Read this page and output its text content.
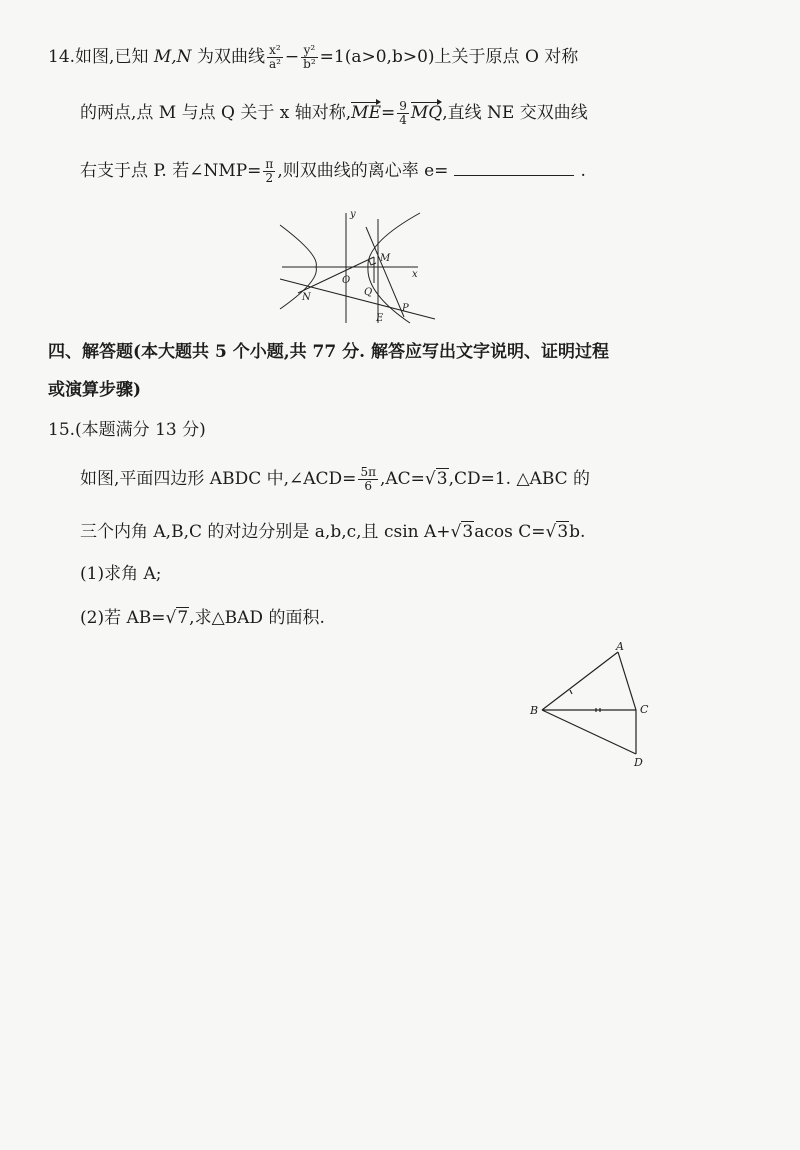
14.如图,已知 M,N 为双曲线 $\frac{\text{x²}}{\text{a²}} - \frac{\text{y²}}{\text{b²}} =1(a>0,b>0)$上关于原点 O 对称
的两点,点 M 与点 Q 关于 x 轴对称$,ME= \frac{9}{4}$ MQ,直线 NE 交双曲线
右支于点 P. 若∠NMP= $\frac{\pi}{2}$ ,则双曲线的离心率 e=	.
y
x
O
M
N	Q
E
P
四、解答题(本大题共 5 个小题,共 77 分. 解答应写出文字说明、证明过程
或演算步骤)
15.(本题满分 13 分)
如图,平面四边形 ABDC 中,∠ACD= $\frac{5\pi}{6} ,AC=√3,CD=1$. △ABC 的
三个内角 A,B,C 的对边分别是 a,b,c,且 csin A+√3acos C=√3b.
(1)求角 A;
(2)若 AB=√7,求△BAD 的面积.
A
B	C
D
